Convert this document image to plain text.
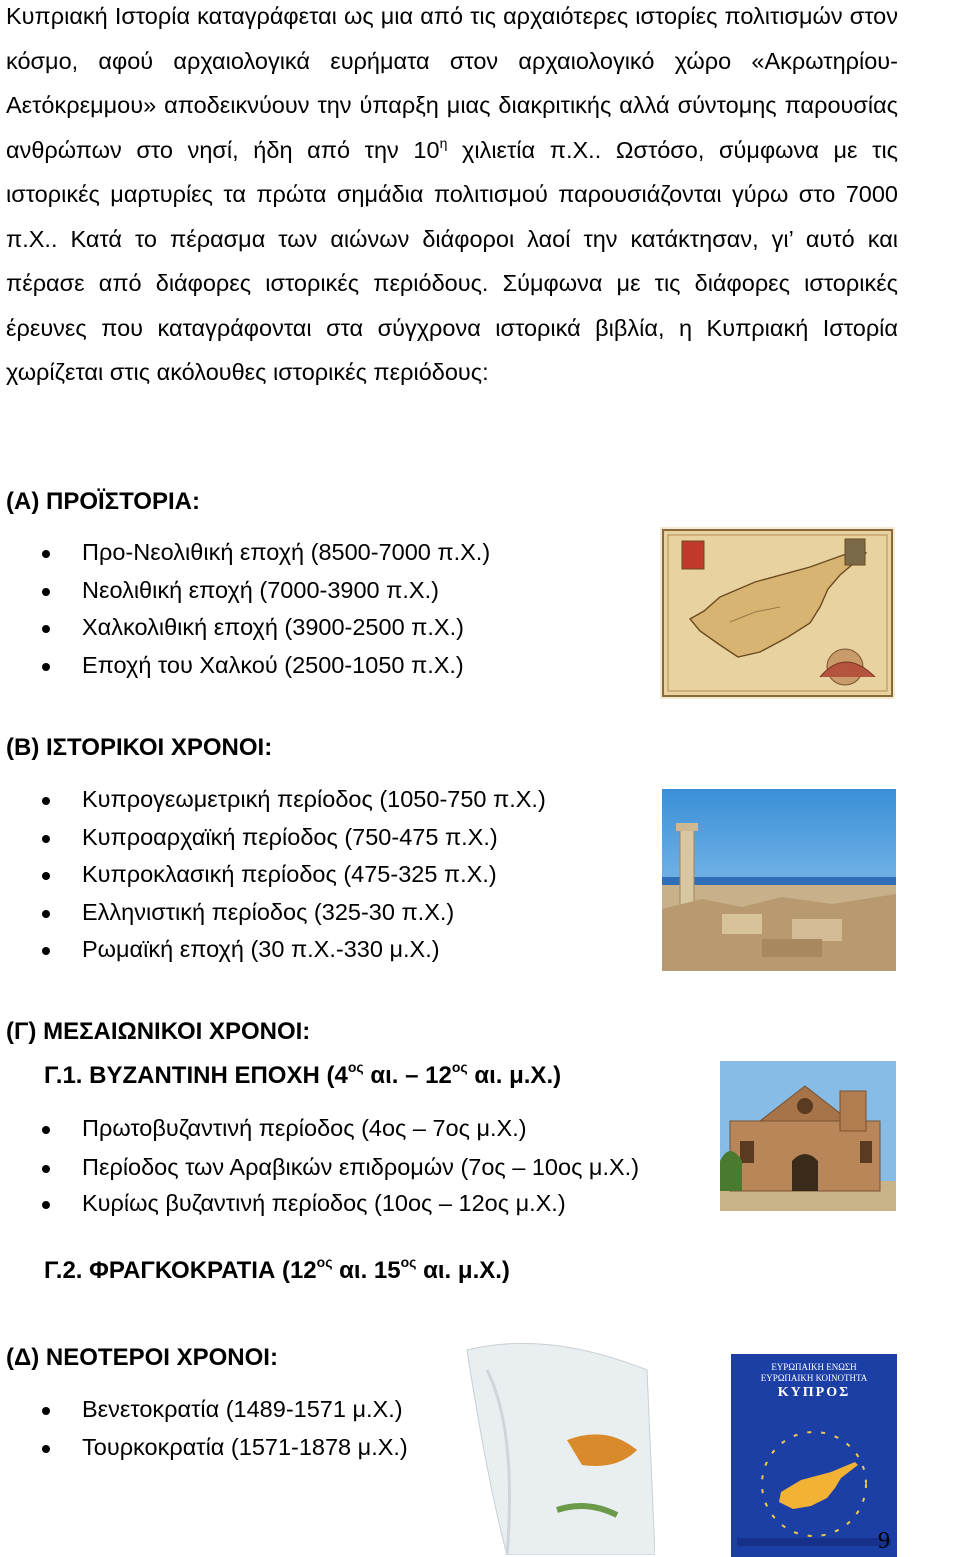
Κυπριακή Ιστορία καταγράφεται ως μια από τις αρχαιότερες ιστορίες πολιτισμών στον κόσμο, αφού αρχαιολογικά ευρήματα στον αρχαιολογικό χώρο «Ακρωτηρίου-Αετόκρεμμου» αποδεικνύουν την ύπαρξη μιας διακριτικής αλλά σύντομης παρουσίας ανθρώπων στο νησί, ήδη από την $10^\eta$ χιλιετία π.Χ.. Ωστόσο, σύμφωνα με τις ιστορικές μαρτυρίες τα πρώτα σημάδια πολιτισμού παρουσιάζονται γύρω στο 7000 π.Χ.. Κατά το πέρασμα των αιώνων διάφοροι λαοί την κατάκτησαν, γι’ αυτό και πέρασε από διάφορες ιστορικές περιόδους. Σύμφωνα με τις διάφορες ιστορικές έρευνες που καταγράφονται στα σύγχρονα ιστορικά βιβλία, η Κυπριακή Ιστορία χωρίζεται στις ακόλουθες ιστορικές περιόδους:

(Α) ΠΡΟΪΣΤΟΡΙΑ:
Προ-Νεολιθική εποχή (8500-7000 π.Χ.)
Νεολιθική εποχή (7000-3900 π.Χ.)
Χαλκολιθική εποχή (3900-2500 π.Χ.)
Εποχή του Χαλκού (2500-1050 π.Χ.)
(Β) ΙΣΤΟΡΙΚΟΙ ΧΡΟΝΟΙ:
Κυπρογεωμετρική περίοδος (1050-750 π.Χ.)
Κυπροαρχαϊκή περίοδος (750-475 π.Χ.)
Κυπροκλασική περίοδος (475-325 π.Χ.)
Ελληνιστική περίοδος (325-30 π.Χ.)
Ρωμαϊκή εποχή (30 π.Χ.-330 μ.Χ.)
(Γ) ΜΕΣΑΙΩΝΙΚΟΙ ΧΡΟΝΟΙ:
Γ.1. ΒΥΖΑΝΤΙΝΗ ΕΠΟΧΗ ($4^{o\varsigma}$ αι. – $12^{o\varsigma}$ αι. μ.Χ.)
Πρωτοβυζαντινή περίοδος (4ος – 7ος μ.Χ.)
Περίοδος των Αραβικών επιδρομών (7ος – 10ος μ.Χ.)
Κυρίως βυζαντινή περίοδος (10ος – 12ος μ.Χ.)
Γ.2. ΦΡΑΓΚΟΚΡΑΤΙΑ ($12^{o\varsigma}$ αι. $15^{o\varsigma}$ αι. μ.Χ.)
(Δ) ΝΕΟΤΕΡΟΙ ΧΡΟΝΟΙ:
Βενετοκρατία (1489-1571 μ.Χ.)
Τουρκοκρατία (1571-1878 μ.Χ.)
ΕΥΡΩΠΑΙΚΗ ΕΝΩΣΗ
ΕΥΡΩΠΑΙΚΗ ΚΟΙΝΟΤΗΤΑ
ΚΥΠΡΟΣ
9
